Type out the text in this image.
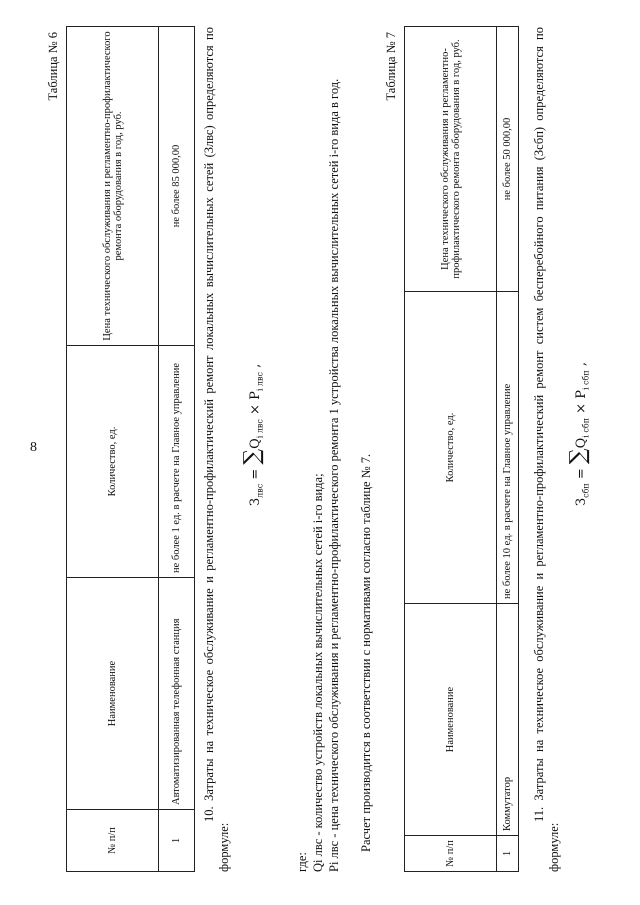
8
Таблица № 6
№ п/п	Наименование	Количество, ед.	Цена технического обслуживания и регламентно-профилактического ремонта оборудования в год, руб.
1	Автоматизированная телефонная станция	не более 1 ед. в расчете на Главное управление	не более 85 000,00 10. Затраты на техническое обслуживание и регламентно-профилактический ремонт локальных вычислительных сетей (Злвс) определяются по формуле:
$З_{лвс} = \sum Q_{i лвс} \times P_{i лвс}$ ,
где: Qi лвс - количество устройств локальных вычислительных сетей i-го вида; Pi лвс - цена технического обслуживания и регламентно-профилактического ремонта 1 устройства локальных вычислительных сетей i-го вида в год. Расчет производится в соответствии с нормативами согласно таблице № 7.
Таблица № 7
№ п/п	Наименование	Количество, ед.	Цена технического обслуживания и регламентно-профилактического ремонта оборудования в год, руб.
1	Коммутатор	не более 10 ед. в расчете на Главное управление	не более 50 000,00 11. Затраты на техническое обслуживание и регламентно-профилактический ремонт систем бесперебойного питания (Зсбп) определяются по формуле:
$З_{сбп} = \sum Q_{i сбп} \times P_{i сбп}$ ,
